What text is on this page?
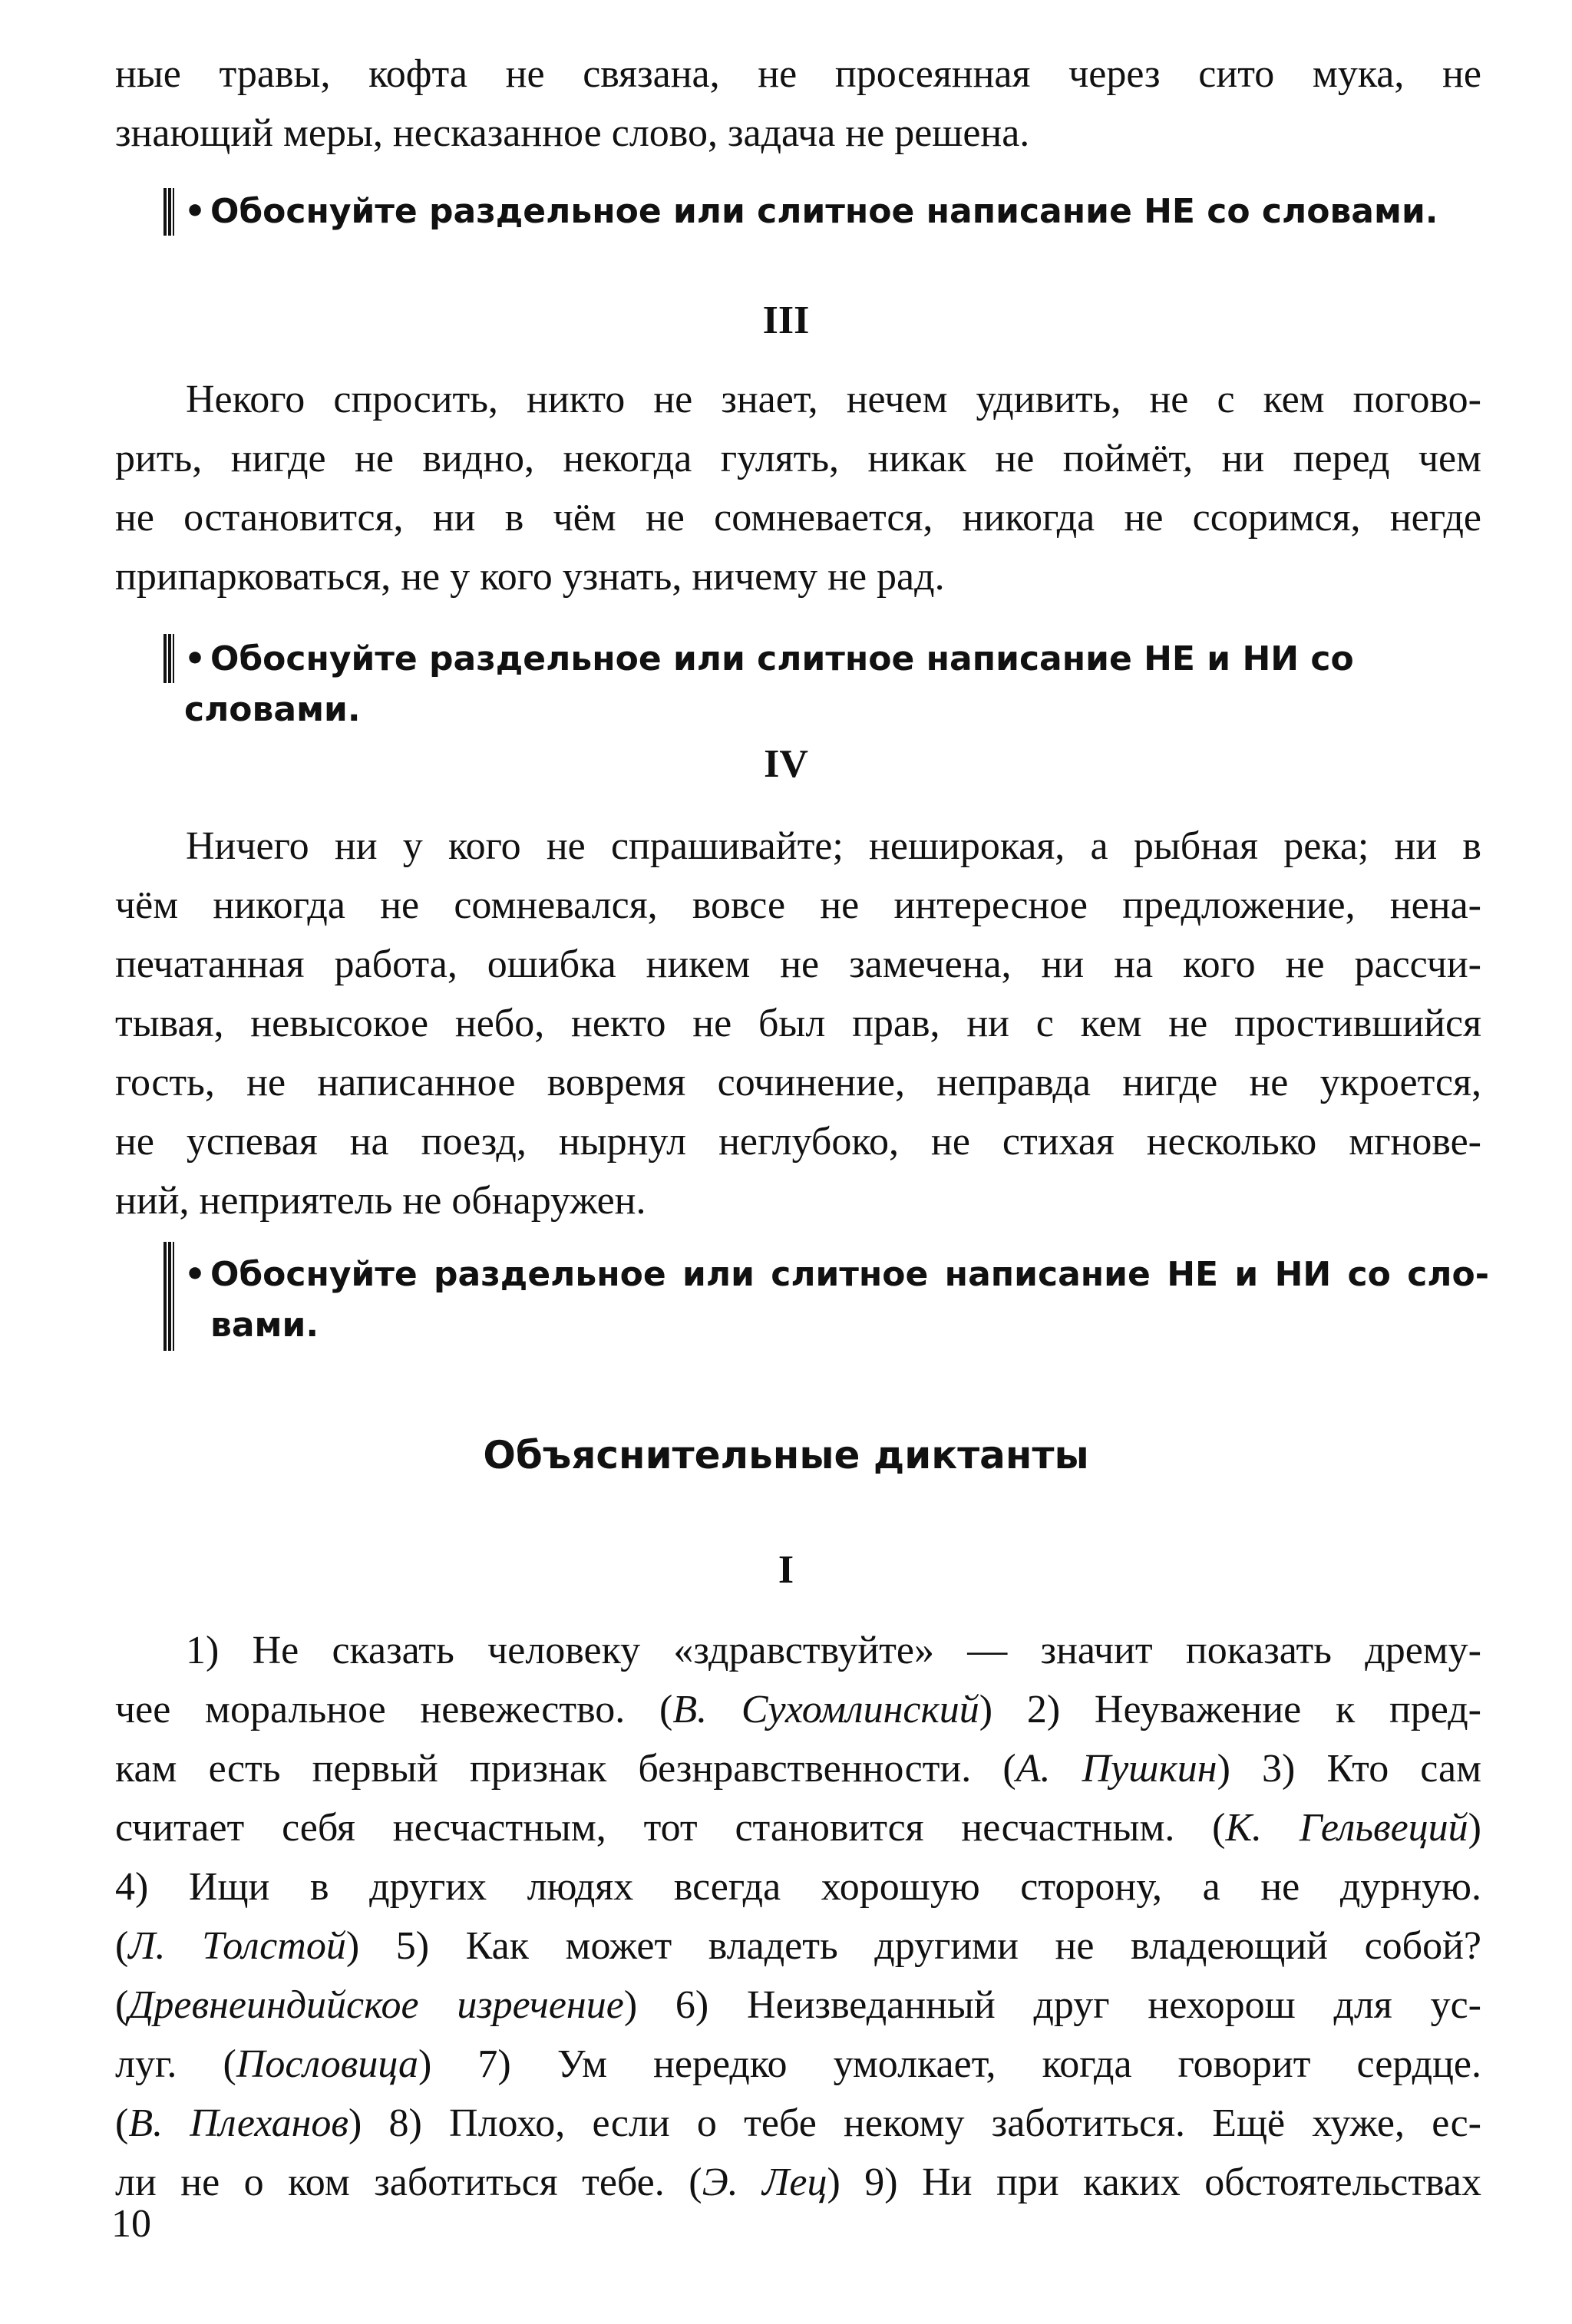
ные травы, кофта не связана, не просеянная через сито мука, не
знающий меры, несказанное слово, задача не решена.

• Обоснуйте раздельное или слитное написание НЕ со словами.

III

Некого спросить, никто не знает, нечем удивить, не с кем погово-
рить, нигде не видно, некогда гулять, никак не поймёт, ни перед чем
не остановится, ни в чём не сомневается, никогда не ссоримся, негде
припарковаться, не у кого узнать, ничему не рад.

• Обоснуйте раздельное или слитное написание НЕ и НИ со словами.

IV

Ничего ни у кого не спрашивайте; неширокая, а рыбная река; ни в
чём никогда не сомневался, вовсе не интересное предложение, нена-
печатанная работа, ошибка никем не замечена, ни на кого не рассчи-
тывая, невысокое небо, некто не был прав, ни с кем не простившийся
гость, не написанное вовремя сочинение, неправда нигде не укроется,
не успевая на поезд, нырнул неглубоко, не стихая несколько мгнове-
ний, неприятель не обнаружен.

• Обоснуйте раздельное или слитное написание НЕ и НИ со сло-
вами.

Объяснительные диктанты

I

1) Не сказать человеку «здравствуйте» — значит показать дрему-
чее моральное невежество. (В. Сухомлинский) 2) Неуважение к пред-
кам есть первый признак безнравственности. (А. Пушкин) 3) Кто сам
считает себя несчастным, тот становится несчастным. (К. Гельвеций)
4) Ищи в других людях всегда хорошую сторону, а не дурную.
(Л. Толстой) 5) Как может владеть другими не владеющий собой?
(Древнеиндийское изречение) 6) Неизведанный друг нехорош для ус-
луг. (Пословица) 7) Ум нередко умолкает, когда говорит сердце.
(В. Плеханов) 8) Плохо, если о тебе некому заботиться. Ещё хуже, ес-
ли не о ком заботиться тебе. (Э. Лец) 9) Ни при каких обстоятельствах

10
